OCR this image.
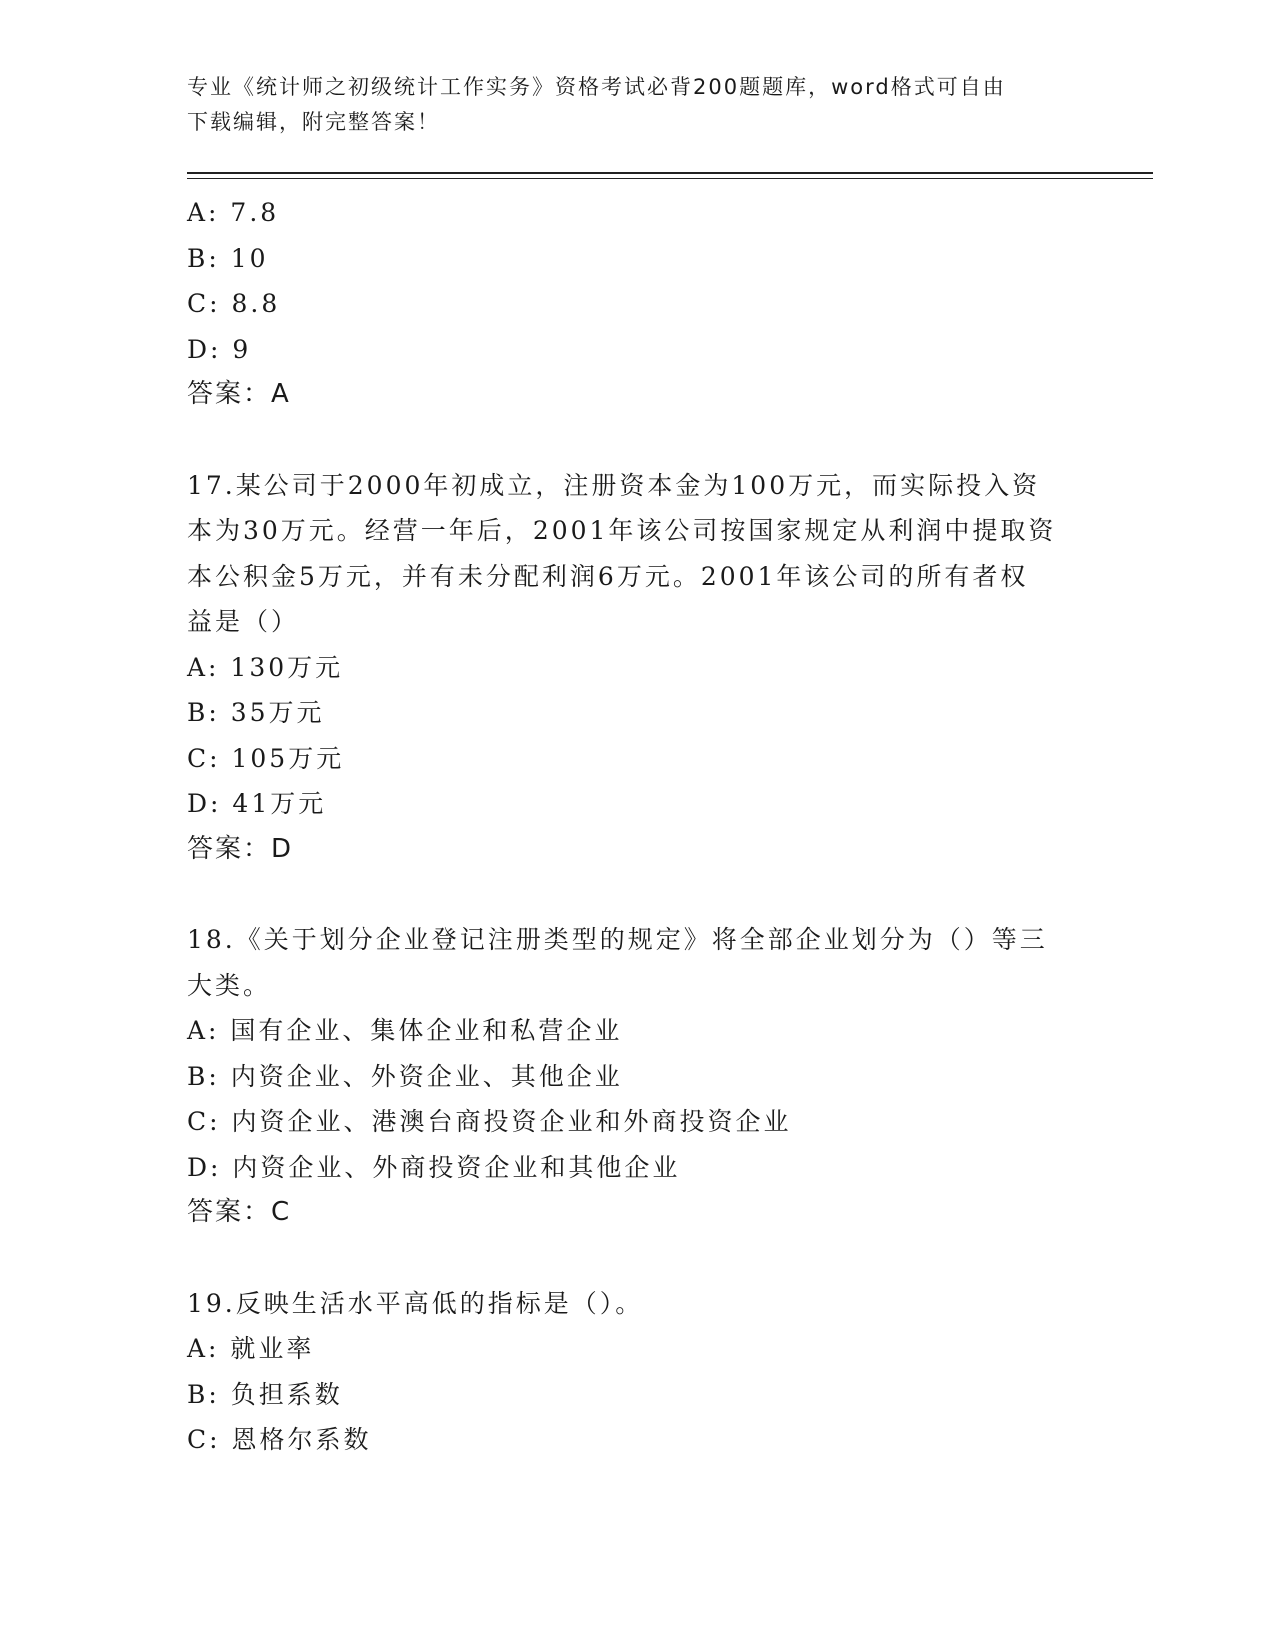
专业《统计师之初级统计工作实务》资格考试必背200题题库，word格式可自由
下载编辑，附完整答案！
A: 7.8
B: 10
C: 8.8
D: 9
答案：A
17.某公司于2000年初成立，注册资本金为100万元，而实际投入资
本为30万元。经营一年后，2001年该公司按国家规定从利润中提取资
本公积金5万元，并有未分配利润6万元。2001年该公司的所有者权
益是（）
A: 130万元
B: 35万元
C: 105万元
D: 41万元
答案：D
18.《关于划分企业登记注册类型的规定》将全部企业划分为（）等三
大类。
A: 国有企业、集体企业和私营企业
B: 内资企业、外资企业、其他企业
C: 内资企业、港澳台商投资企业和外商投资企业
D: 内资企业、外商投资企业和其他企业
答案：C
19.反映生活水平高低的指标是（）。
A: 就业率
B: 负担系数
C: 恩格尔系数
